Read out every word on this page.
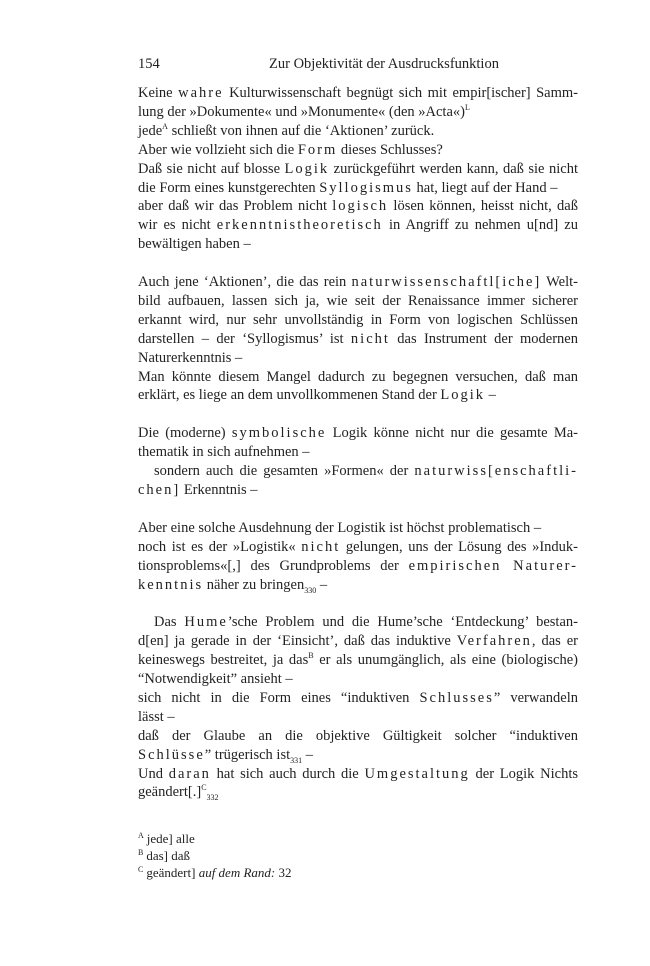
154	Zur Objektivität der Ausdrucksfunktion
Keine wahre Kulturwissenschaft begnügt sich mit empir[ischer] Samm-
lung der »Dokumente« und »Monumente« (den »Acta«)$^L$
jede$^A$ schließt von ihnen auf die ‘Aktionen’ zurück.
Aber wie vollzieht sich die Form dieses Schlusses?
Daß sie nicht auf blosse Logik zurückgeführt werden kann, daß sie nicht
die Form eines kunstgerechten Syllogismus hat, liegt auf der Hand –
aber daß wir das Problem nicht logisch lösen können, heisst nicht, daß
wir es nicht erkenntnistheoretisch in Angriff zu nehmen u[nd] zu
bewältigen haben –
Auch jene ‘Aktionen’, die das rein naturwissenschaftl[iche] Welt-
bild aufbauen, lassen sich ja, wie seit der Renaissance immer sicherer
erkannt wird, nur sehr unvollständig in Form von logischen Schlüssen
darstellen – der ‘Syllogismus’ ist nicht das Instrument der modernen
Naturerkenntnis –
Man könnte diesem Mangel dadurch zu begegnen versuchen, daß man
erklärt, es liege an dem unvollkommenen Stand der Logik –
Die (moderne) symbolische Logik könne nicht nur die gesamte Ma-
thematik in sich aufnehmen –
sondern auch die gesamten »Formen« der naturwiss[enschaftli-
chen] Erkenntnis –
Aber eine solche Ausdehnung der Logistik ist höchst problematisch –
noch ist es der »Logistik« nicht gelungen, uns der Lösung des »Induk-
tionsproblems«[,] des Grundproblems der empirischen Naturer-
kenntnis näher zu bringen$_{330}$ –
Das Hume’sche Problem und die Hume’sche ‘Entdeckung’ bestan-
d[en] ja gerade in der ‘Einsicht’, daß das induktive Verfahren, das er
keineswegs bestreitet, ja das$^B$ er als unumgänglich, als eine (biologische)
“Notwendigkeit” ansieht –
sich nicht in die Form eines “induktiven Schlusses” verwandeln
lässt –
daß der Glaube an die objektive Gültigkeit solcher “induktiven
Schlüsse” trügerisch ist$_{331}$ –
Und daran hat sich auch durch die Umgestaltung der Logik Nichts
geändert[.]$^C_{332}$
$^A$ jede] alle
$^B$ das] daß
$^C$ geändert] auf dem Rand: 32
